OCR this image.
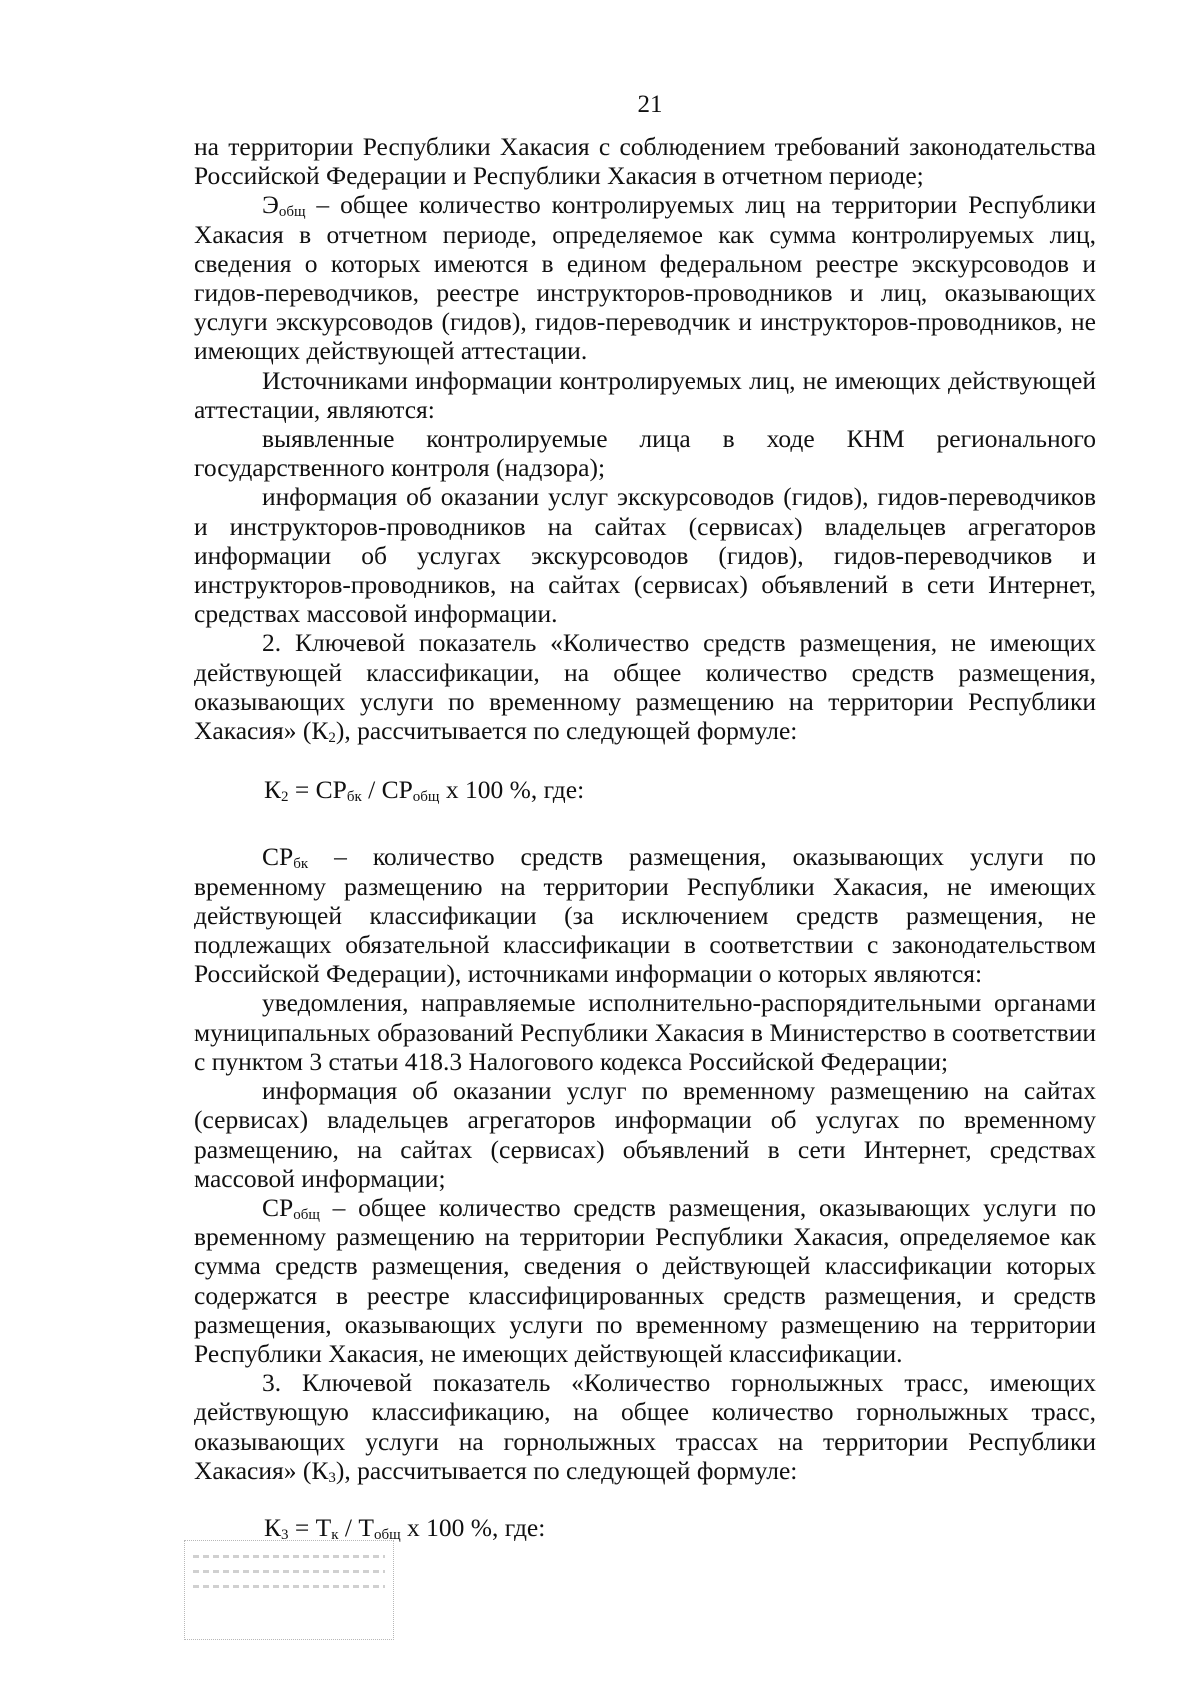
21

на территории Республики Хакасия с соблюдением требований законодательства Российской Федерации и Республики Хакасия в отчетном периоде;

$Э_{общ}$ – общее количество контролируемых лиц на территории Республики Хакасия в отчетном периоде, определяемое как сумма контролируемых лиц, сведения о которых имеются в едином федеральном реестре экскурсоводов и гидов-переводчиков, реестре инструкторов-проводников и лиц, оказывающих услуги экскурсоводов (гидов), гидов-переводчик и инструкторов-проводников, не имеющих действующей аттестации.

Источниками информации контролируемых лиц, не имеющих действующей аттестации, являются:

выявленные контролируемые лица в ходе КНМ регионального государственного контроля (надзора);

информация об оказании услуг экскурсоводов (гидов), гидов-переводчиков и инструкторов-проводников на сайтах (сервисах) владельцев агрегаторов информации об услугах экскурсоводов (гидов), гидов-переводчиков и инструкторов-проводников, на сайтах (сервисах) объявлений в сети Интернет, средствах массовой информации.

2. Ключевой показатель «Количество средств размещения, не имеющих действующей классификации, на общее количество средств размещения, оказывающих услуги по временному размещению на территории Республики Хакасия» $(К_2)$, рассчитывается по следующей формуле:

$К_2 = СР_{бк} / СР_{общ}$ х 100 %, где:

$СР_{бк}$ – количество средств размещения, оказывающих услуги по временному размещению на территории Республики Хакасия, не имеющих действующей классификации (за исключением средств размещения, не подлежащих обязательной классификации в соответствии с законодательством Российской Федерации), источниками информации о которых являются:

уведомления, направляемые исполнительно-распорядительными органами муниципальных образований Республики Хакасия в Министерство в соответствии с пунктом 3 статьи 418.3 Налогового кодекса Российской Федерации;

информация об оказании услуг по временному размещению на сайтах (сервисах) владельцев агрегаторов информации об услугах по временному размещению, на сайтах (сервисах) объявлений в сети Интернет, средствах массовой информации;

$СР_{общ}$ – общее количество средств размещения, оказывающих услуги по временному размещению на территории Республики Хакасия, определяемое как сумма средств размещения, сведения о действующей классификации которых содержатся в реестре классифицированных средств размещения, и средств размещения, оказывающих услуги по временному размещению на территории Республики Хакасия, не имеющих действующей классификации.

3. Ключевой показатель «Количество горнолыжных трасс, имеющих действующую классификацию, на общее количество горнолыжных трасс, оказывающих услуги на горнолыжных трассах на территории Республики Хакасия» $(К_3)$, рассчитывается по следующей формуле:

$К_3 = Т_к / Т_{общ}$ х 100 %, где:
